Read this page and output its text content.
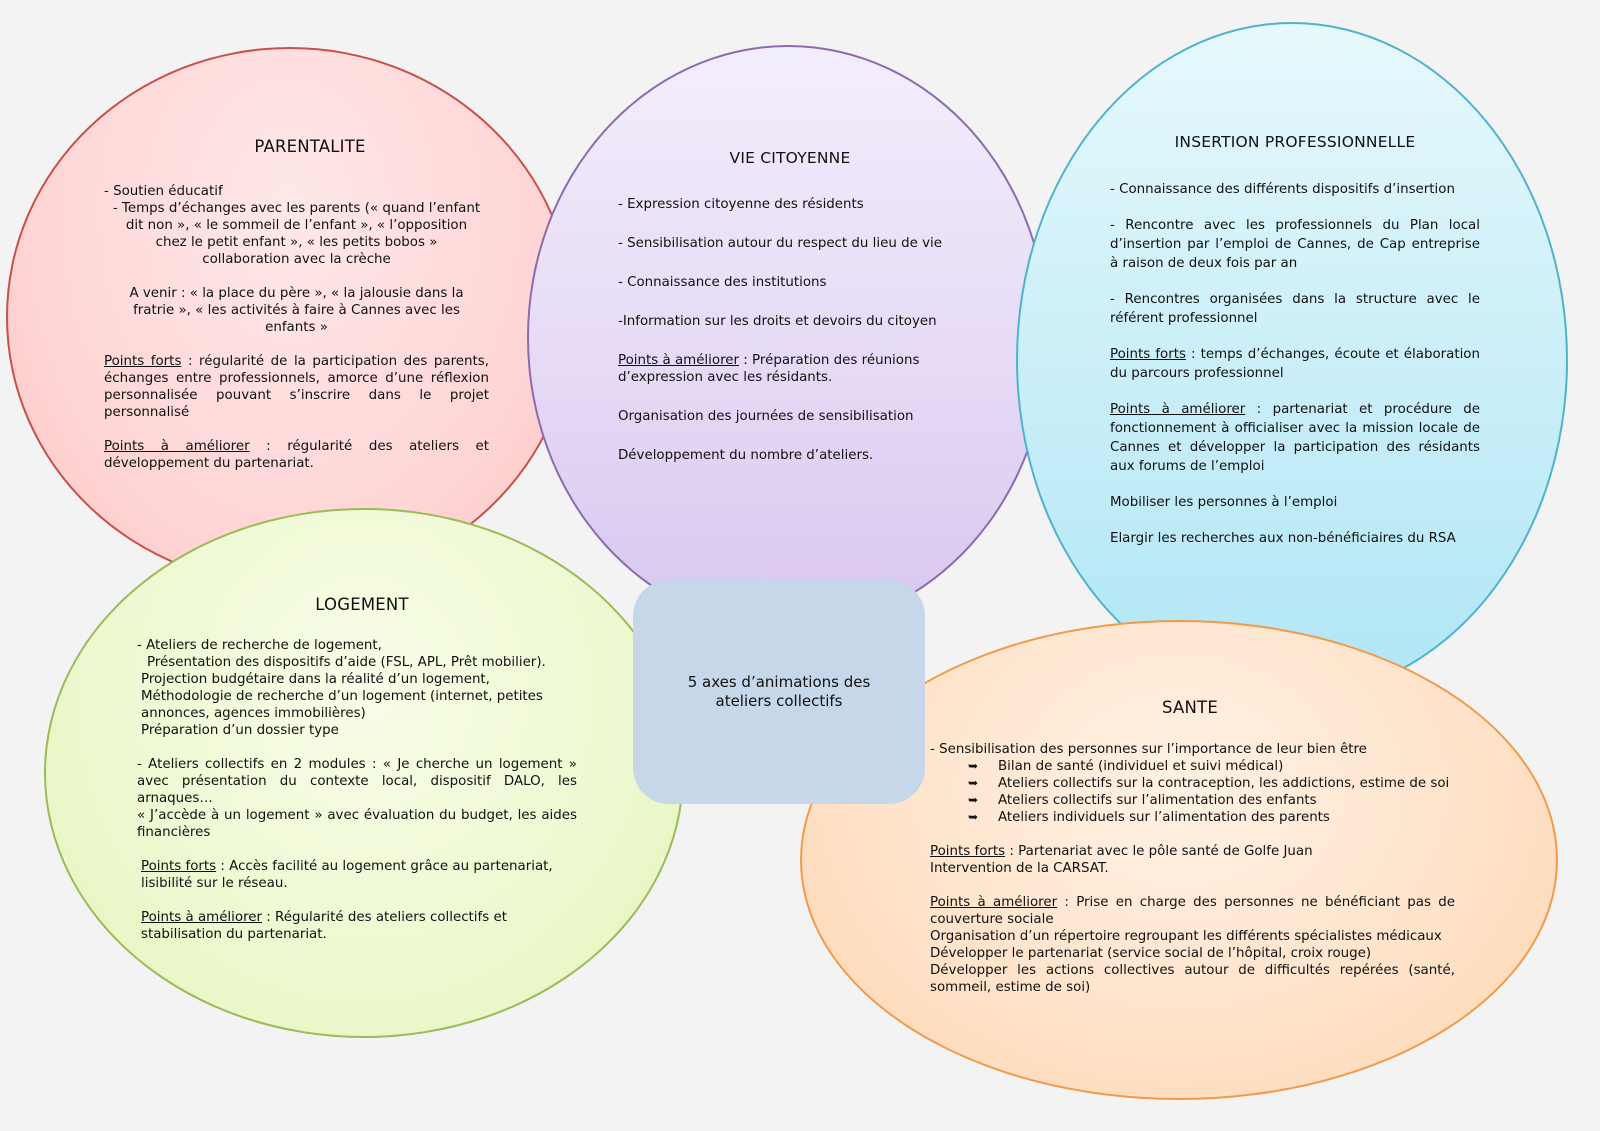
PARENTALITE

- Soutien éducatif

- Temps d’échanges avec les parents (« quand l’enfant dit non », « le sommeil de l’enfant », « l’opposition chez le petit enfant », « les petits bobos » collaboration avec la crèche

A venir : « la place du père », « la jalousie dans la fratrie », « les activités à faire à Cannes avec les enfants »

Points forts : régularité de la participation des parents, échanges entre professionnels, amorce d’une réflexion personnalisée pouvant s’inscrire dans le projet personnalisé

Points à améliorer : régularité des ateliers et développement du partenariat.

VIE CITOYENNE

- Expression citoyenne des résidents

- Sensibilisation autour du respect du lieu de vie

- Connaissance des institutions

-Information sur les droits et devoirs du citoyen

Points à améliorer : Préparation des réunions d’expression avec les résidants.

Organisation des journées de sensibilisation

Développement du nombre d’ateliers.

INSERTION PROFESSIONNELLE

- Connaissance des différents dispositifs d’insertion

- Rencontre avec les professionnels du Plan local d’insertion par l’emploi de Cannes, de Cap entreprise à raison de deux fois par an

- Rencontres organisées dans la structure avec le référent professionnel

Points forts : temps d’échanges, écoute et élaboration du parcours professionnel

Points à améliorer : partenariat et procédure de fonctionnement à officialiser avec la mission locale de Cannes et développer la participation des résidants aux forums de l’emploi

Mobiliser les personnes à l’emploi

Elargir les recherches aux non-bénéficiaires du RSA

LOGEMENT

- Ateliers de recherche de logement,

Présentation des dispositifs d’aide (FSL, APL, Prêt mobilier).

Projection budgétaire dans la réalité d’un logement,

Méthodologie de recherche d’un logement (internet, petites annonces, agences immobilières)

Préparation d’un dossier type

- Ateliers collectifs en 2 modules : « Je cherche un logement » avec présentation du contexte local, dispositif DALO, les arnaques…

« J’accède à un logement » avec évaluation du budget, les aides financières

Points forts : Accès facilité au logement grâce au partenariat, lisibilité sur le réseau.

Points à améliorer : Régularité des ateliers collectifs et stabilisation du partenariat.

SANTE

- Sensibilisation des personnes sur l’importance de leur bien être

➥ Bilan de santé (individuel et suivi médical)
➥ Ateliers collectifs sur la contraception, les addictions, estime de soi
➥ Ateliers collectifs sur l’alimentation des enfants
➥ Ateliers individuels sur l’alimentation des parents

Points forts : Partenariat avec le pôle santé de Golfe Juan Intervention de la CARSAT.

Points à améliorer : Prise en charge des personnes ne bénéficiant pas de couverture sociale

Organisation d’un répertoire regroupant les différents spécialistes médicaux

Développer le partenariat (service social de l’hôpital, croix rouge)

Développer les actions collectives autour de difficultés repérées (santé, sommeil, estime de soi)

5 axes d’animations des ateliers collectifs
